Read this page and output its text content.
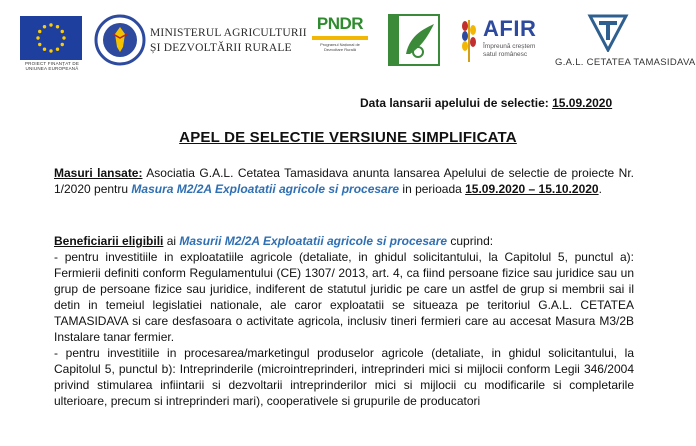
PROIECT FINANȚAT DE UNIUNEA EUROPEANĂ
MINISTERUL AGRICULTURII
ȘI DEZVOLTĂRII RURALE
PNDR
Programul Național de Dezvoltare Rurală
AFIR
Împreună creștem
satul românesc
G.A.L. CETATEA TAMASIDAVA
Data lansarii apelului de selectie: 15.09.2020
APEL DE SELECTIE VERSIUNE SIMPLIFICATA

Masuri lansate: Asociatia G.A.L. Cetatea Tamasidava anunta lansarea Apelului de selectie de proiecte Nr. 1/2020 pentru Masura M2/2A Exploatatii agricole si procesare in perioada 15.09.2020 – 15.10.2020.

Beneficiarii eligibili ai Masurii M2/2A Exploatatii agricole si procesare cuprind:
- pentru investitiile in exploatatiile agricole (detaliate, in ghidul solicitantului, la Capitolul 5, punctul a): Fermierii definiti conform Regulamentului (CE) 1307/ 2013, art. 4, ca fiind persoane fizice sau juridice sau un grup de persoane fizice sau juridice, indiferent de statutul juridic pe care un astfel de grup si membrii sai il detin in temeiul legislatiei nationale, ale caror exploatatii se situeaza pe teritoriul G.A.L. CETATEA TAMASIDAVA si care desfasoara o activitate agricola, inclusiv tineri fermieri care au accesat Masura M3/2B Instalare tanar fermier.
- pentru investitiile in procesarea/marketingul produselor agricole (detaliate, in ghidul solicitantului, la Capitolul 5, punctul b): Intreprinderile (microintreprinderi, intreprinderi mici si mijlocii conform Legii 346/2004 privind stimularea infiintarii si dezvoltarii intreprinderilor mici si mijlocii cu modificarile si completarile ulterioare, precum si intreprinderi mari), cooperativele si grupurile de producatori
